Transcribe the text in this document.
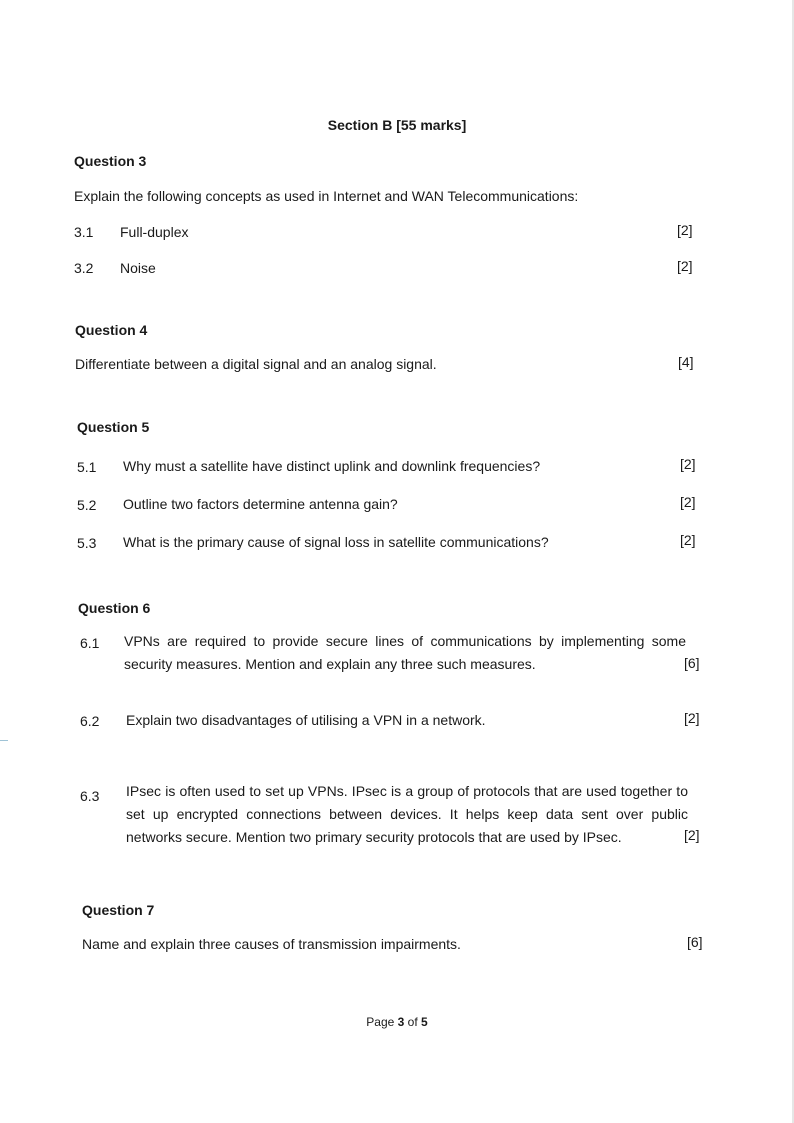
Section B [55 marks]
Question 3
Explain the following concepts as used in Internet and WAN Telecommunications:
3.1 Full-duplex	[2]
3.2 Noise	[2]
Question 4
Differentiate between a digital signal and an analog signal.	[4]
Question 5
5.1 Why must a satellite have distinct uplink and downlink frequencies?	[2]
5.2 Outline two factors determine antenna gain?	[2]
5.3 What is the primary cause of signal loss in satellite communications?	[2]
Question 6
6.1 VPNs are required to provide secure lines of communications by implementing some security measures. Mention and explain any three such measures.	[6]
6.2 Explain two disadvantages of utilising a VPN in a network.	[2]
6.3 IPsec is often used to set up VPNs. IPsec is a group of protocols that are used together to set up encrypted connections between devices. It helps keep data sent over public networks secure. Mention two primary security protocols that are used by IPsec.	[2]
Question 7
Name and explain three causes of transmission impairments.	[6]
Page 3 of 5
